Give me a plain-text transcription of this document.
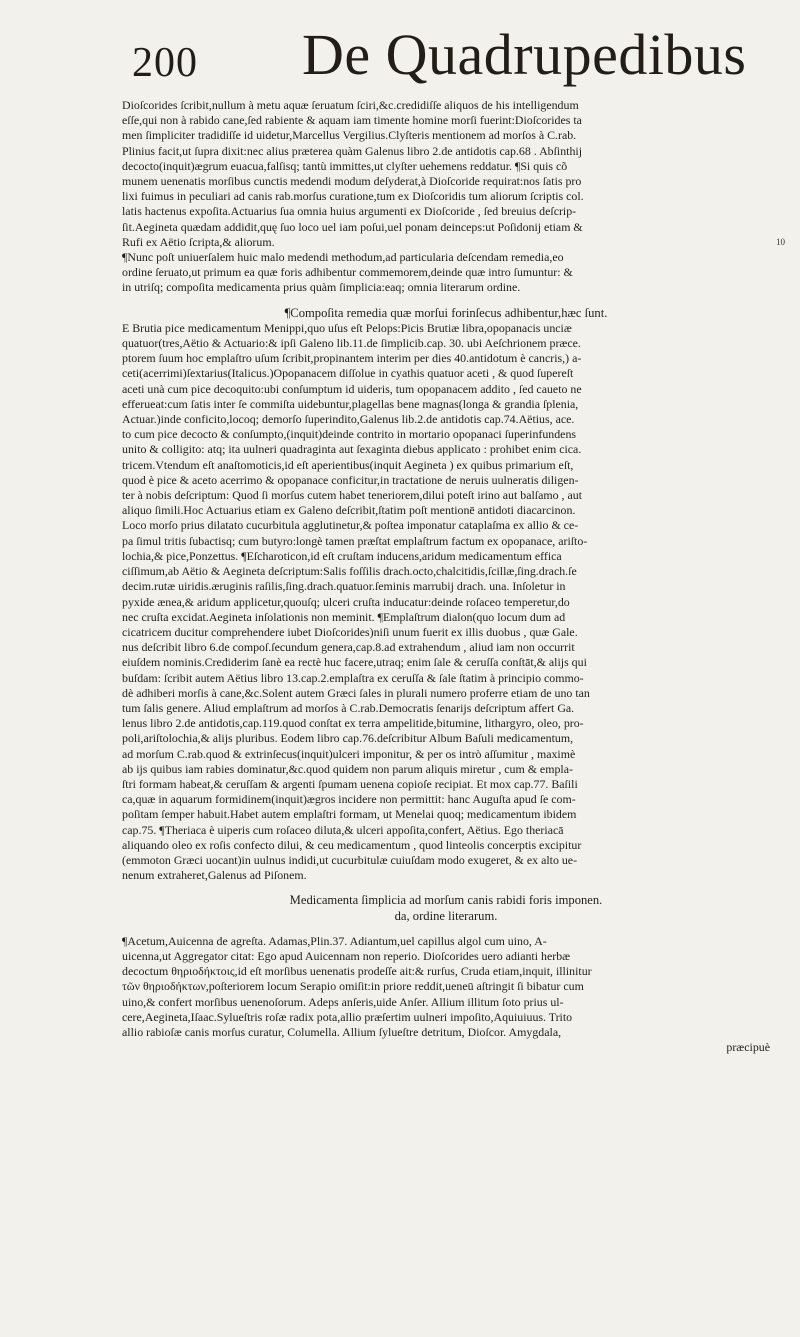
200 De Quadrupedibus
10

Dioſcorides ſcribit,nullum à metu aquæ ſeruatum ſciri,&c.credidiſſe aliquos de his intelligendum

eſſe,qui non à rabido cane,ſed rabiente & aquam iam timente homine morſi fuerint:Dioſcorides ta

men ſimpliciter tradidiſſe id uidetur,Marcellus Vergilius.Clyſteris mentionem ad morſos à C.rab.

Plinius facit,ut ſupra dixit:nec alius præterea quàm Galenus libro 2.de antidotis cap.68 . Abſinthij

decocto(inquit)ægrum euacua,falſisq; tantù immittes,ut clyſter uehemens reddatur. ¶Si quis cõ

munem uenenatis morſibus cunctis medendi modum deſyderat,à Dioſcoride requirat:nos ſatis pro

lixi fuimus in peculiari ad canis rab.morſus curatione,tum ex Dioſcoridis tum aliorum ſcriptis col.

latis hactenus expoſita.Actuarius ſua omnia huius argumenti ex Dioſcoride , ſed breuius deſcrip-

ſit.Aegineta quædam addidit,quę ſuo loco uel iam poſui,uel ponam deinceps:ut Poſidonij etiam &

Rufi ex Aëtio ſcripta,& aliorum.

¶Nunc poſt uniuerſalem huic malo medendi methodum,ad particularia deſcendam remedia,eo

ordine ſeruato,ut primum ea quæ foris adhibentur commemorem,deinde quæ intro ſumuntur: &

in utriſq; compoſita medicamenta prius quàm ſimplicia:eaq; omnia literarum ordine.

¶Compoſita remedia quæ morſui forinſecus adhibentur,hæc ſunt.

E Brutia pice medicamentum Menippi,quo uſus eſt Pelops:Picis Brutiæ libra,opopanacis unciæ

quatuor(tres,Aëtio & Actuario:& ipſi Galeno lib.11.de ſimplicib.cap. 30. ubi Aeſchrionem præce.

ptorem ſuum hoc emplaſtro uſum ſcribit,propinantem interim per dies 40.antidotum è cancris,) a-

ceti(acerrimi)ſextarius(Italicus.)Opopanacem diſſolue in cyathis quatuor aceti , & quod ſupereſt

aceti unà cum pice decoquito:ubi conſumptum id uideris, tum opopanacem addito , ſed caueto ne

efferueat:cum ſatis inter ſe commiſta uidebuntur,plagellas bene magnas(longa & grandia ſplenia,

Actuar.)inde conficito,locoq; demorſo ſuperindito,Galenus lib.2.de antidotis cap.74.Aëtius, ace.

to cum pice decocto & conſumpto,(inquit)deinde contrito in mortario opopanaci ſuperinfundens

unito & colligito: atq; ita uulneri quadraginta aut ſexaginta diebus applicato : prohibet enim cica.

tricem.Vtendum eſt anaſtomoticis,id eſt aperientibus(inquit Aegineta ) ex quibus primarium eſt,

quod è pice & aceto acerrimo & opopanace conficitur,in tractatione de neruis uulneratis diligen-

ter à nobis deſcriptum: Quod ſi morſus cutem habet teneriorem,dilui poteſt irino aut balſamo , aut

aliquo ſimili.Hoc Actuarius etiam ex Galeno deſcribit,ſtatim poſt mentionē antidoti diacarcinon.

Loco morſo prius dilatato cucurbitula agglutinetur,& poſtea imponatur cataplaſma ex allio & ce-

pa ſimul tritis ſubactisq; cum butyro:longè tamen præſtat emplaſtrum factum ex opopanace, ariſto-

lochia,& pice,Ponzettus. ¶Eſcharoticon,id eſt cruſtam inducens,aridum medicamentum effica

ciſſimum,ab Aëtio & Aegineta deſcriptum:Salis foſſilis drach.octo,chalcitidis,ſcillæ,ſing.drach.ſe

decim.rutæ uiridis.æruginis raſilis,ſing.drach.quatuor.ſeminis marrubij drach. una. Inſoletur in

pyxide ænea,& aridum applicetur,quouſq; ulceri cruſta inducatur:deinde roſaceo temperetur,do

nec cruſta excidat.Aegineta inſolationis non meminit. ¶Emplaſtrum dialon(quo locum dum ad

cicatricem ducitur comprehendere iubet Dioſcorides)niſi unum fuerit ex illis duobus , quæ Gale.

nus deſcribit libro 6.de compoſ.ſecundum genera,cap.8.ad extrahendum , aliud iam non occurrit

eiuſdem nominis.Crediderim ſanè ea rectè huc facere,utraq; enim ſale & ceruſſa conſtāt,& alijs qui

buſdam: ſcribit autem Aëtius libro 13.cap.2.emplaſtra ex ceruſſa & ſale ſtatim à principio commo-

dè adhiberi morſis à cane,&c.Solent autem Græci ſales in plurali numero proferre etiam de uno tan

tum ſalis genere. Aliud emplaſtrum ad morſos à C.rab.Democratis ſenarijs deſcriptum affert Ga.

lenus libro 2.de antidotis,cap.119.quod conſtat ex terra ampelitide,bitumine, lithargyro, oleo, pro-

poli,ariſtolochia,& alijs pluribus. Eodem libro cap.76.deſcribitur Album Baſuli medicamentum,

ad morſum C.rab.quod & extrinſecus(inquit)ulceri imponitur, & per os intrò aſſumitur , maximè

ab ijs quibus iam rabies dominatur,&c.quod quidem non parum aliquis miretur , cum & empla-

ſtri formam habeat,& ceruſſam & argenti ſpumam uenena copioſe recipiat. Et mox cap.77. Baſili

ca,quæ in aquarum formidinem(inquit)ægros incidere non permittit: hanc Auguſta apud ſe com-

poſitam ſemper habuit.Habet autem emplaſtri formam, ut Menelai quoq; medicamentum ibidem

cap.75. ¶Theriaca è uiperis cum roſaceo diluta,& ulceri appoſita,confert, Aëtius. Ego theriacā

aliquando oleo ex roſis confecto dilui, & ceu medicamentum , quod linteolis concerptis excipitur

(emmoton Græci uocant)in uulnus indidi,ut cucurbitulæ cuiuſdam modo exugeret, & ex alto ue-

nenum extraheret,Galenus ad Piſonem.

Medicamenta ſimplicia ad morſum canis rabidi foris imponen.

da, ordine literarum.

¶Acetum,Auicenna de agreſta. Adamas,Plin.37. Adiantum,uel capillus algol cum uino, A-

uicenna,ut Aggregator citat: Ego apud Auicennam non reperio. Dioſcorides uero adianti herbæ

decoctum θηριοδήκτοις,id eſt morſibus uenenatis prodeſſe ait:& rurſus, Cruda etiam,inquit, illinitur

τῶν θηριοδήκτων,poſteriorem locum Serapio omiſit:in priore reddit,ueneū aſtringit ſi bibatur cum

uino,& confert morſibus uenenoſorum. Adeps anſeris,uide Anſer. Allium illitum ſoto prius ul-

cere,Aegineta,Iſaac.Sylueſtris roſæ radix pota,allio præſertim uulneri impoſito,Aquiuiuus. Trito

allio rabioſæ canis morſus curatur, Columella. Allium ſylueſtre detritum, Dioſcor. Amygdala,

præcipuè
